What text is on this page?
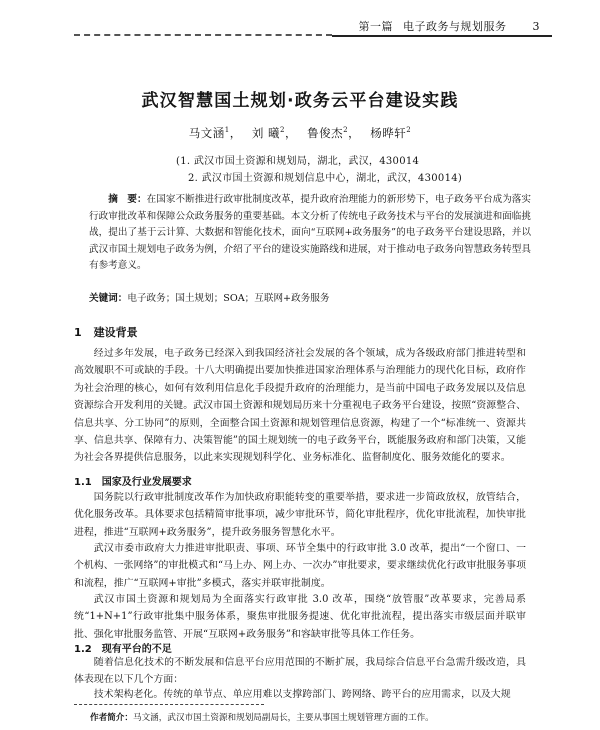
第一篇 电子政务与规划服务 3
武汉智慧国土规划·政务云平台建设实践
马文涵$^1$， 刘 曦$^2$， 鲁俊杰$^2$， 杨晔轩$^2$
(1. 武汉市国土资源和规划局，湖北，武汉，430014
2. 武汉市国土资源和规划信息中心，湖北，武汉，430014)
摘　要：在国家不断推进行政审批制度改革，提升政府治理能力的新形势下，电子政务平台成为落实行政审批改革和保障公众政务服务的重要基础。本文分析了传统电子政务技术与平台的发展演进和面临挑战，提出了基于云计算、大数据和智能化技术，面向“互联网+政务服务”的电子政务平台建设思路，并以武汉市国土规划电子政务为例，介绍了平台的建设实施路线和进展，对于推动电子政务向智慧政务转型具有参考意义。
关键词：电子政务；国土规划；SOA；互联网+政务服务
1 建设背景
经过多年发展，电子政务已经深入到我国经济社会发展的各个领域，成为各级政府部门推进转型和高效履职不可或缺的手段。十八大明确提出要加快推进国家治理体系与治理能力的现代化目标，政府作为社会治理的核心，如何有效利用信息化手段提升政府的治理能力，是当前中国电子政务发展以及信息资源综合开发利用的关键。武汉市国土资源和规划局历来十分重视电子政务平台建设，按照“资源整合、信息共享、分工协同”的原则，全面整合国土资源和规划管理信息资源，构建了一个“标准统一、资源共享、信息共享、保障有力、决策智能”的国土规划统一的电子政务平台，既能服务政府和部门决策，又能为社会各界提供信息服务，以此来实现规划科学化、业务标准化、监督制度化、服务效能化的要求。
1.1 国家及行业发展要求
国务院以行政审批制度改革作为加快政府职能转变的重要举措，要求进一步简政放权，放管结合，优化服务改革。具体要求包括精简审批事项，减少审批环节，简化审批程序，优化审批流程，加快审批进程，推进“互联网+政务服务”，提升政务服务智慧化水平。
武汉市委市政府大力推进审批职责、事项、环节全集中的行政审批 3.0 改革，提出“一个窗口、一个机构、一张网络”的审批模式和“马上办、网上办、一次办”审批要求，要求继续优化行政审批服务事项和流程，推广“互联网+审批”多模式，落实并联审批制度。
武汉市国土资源和规划局为全面落实行政审批 3.0 改革，围绕“放管服”改革要求，完善局系统“1+N+1”行政审批集中服务体系，聚焦审批服务提速、优化审批流程，提出落实市级层面并联审批、强化审批服务监管、开展“互联网+政务服务”和容缺审批等具体工作任务。
1.2 现有平台的不足
随着信息化技术的不断发展和信息平台应用范围的不断扩展，我局综合信息平台急需升级改造，具体表现在以下几个方面：
技术架构老化。传统的单节点、单应用难以支撑跨部门、跨网络、跨平台的应用需求，以及大规
作者简介：马文涵，武汉市国土资源和规划局副局长，主要从事国土规划管理方面的工作。
